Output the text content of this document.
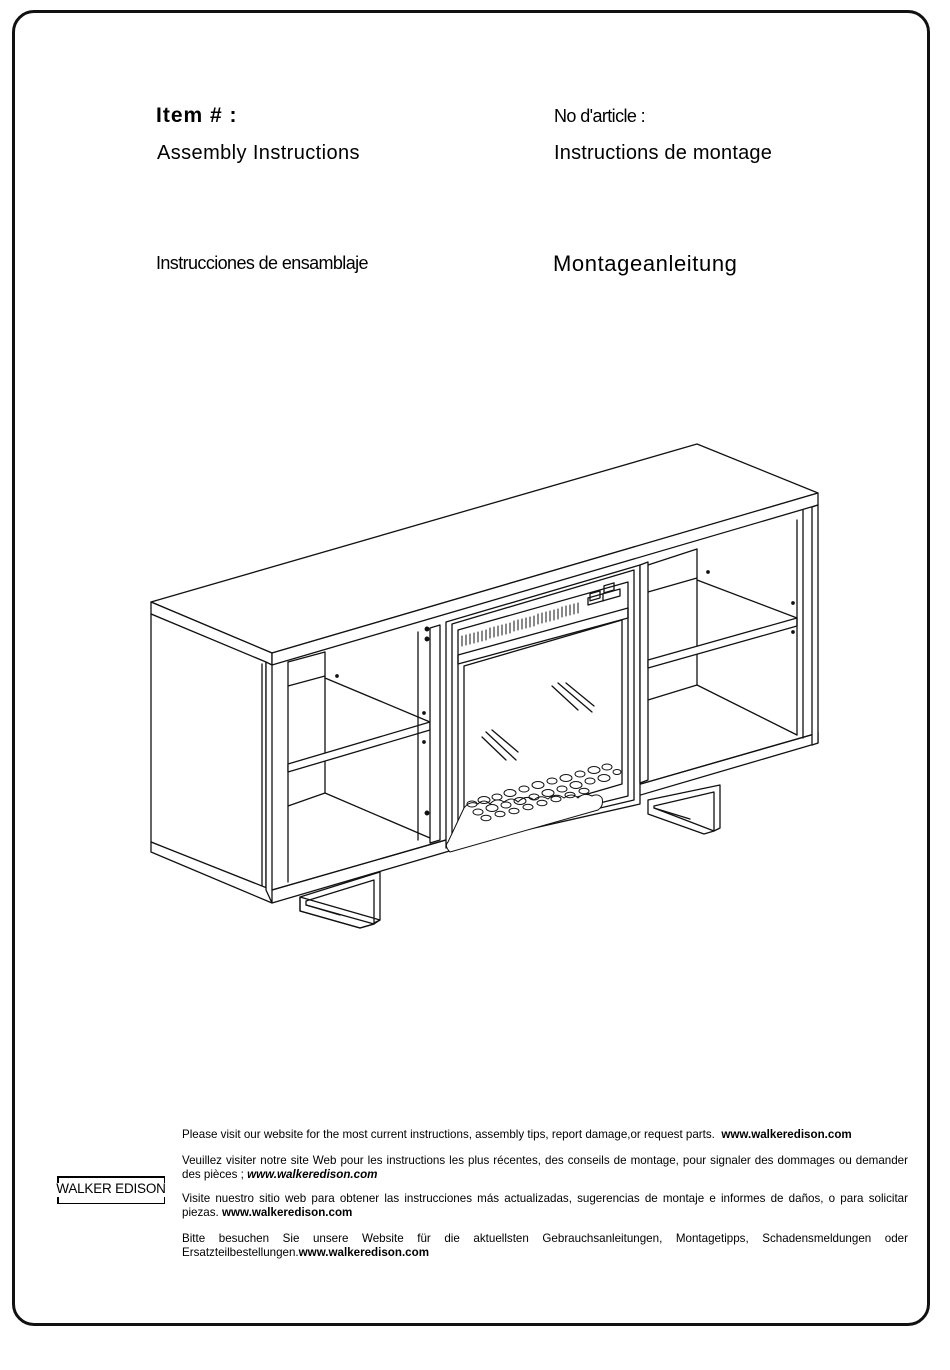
Item # :	No d'article :
Assembly Instructions	Instructions de montage
Instrucciones de ensamblaje	Montageanleitung
WALKER EDISON
Please visit our website for the most current instructions, assembly tips, report damage,or request parts. www.walkeredison.com
Veuillez visiter notre site Web pour les instructions les plus récentes, des conseils de montage, pour signaler des dommages ou demander des pièces ; www.walkeredison.com
Visite nuestro sitio web para obtener las instrucciones más actualizadas, sugerencias de montaje e informes de daños, o para solicitar piezas. www.walkeredison.com
Bitte besuchen Sie unsere Website für die aktuellsten Gebrauchsanleitungen, Montagetipps, Schadensmeldungen oder Ersatzteilbestellungen.www.walkeredison.com
